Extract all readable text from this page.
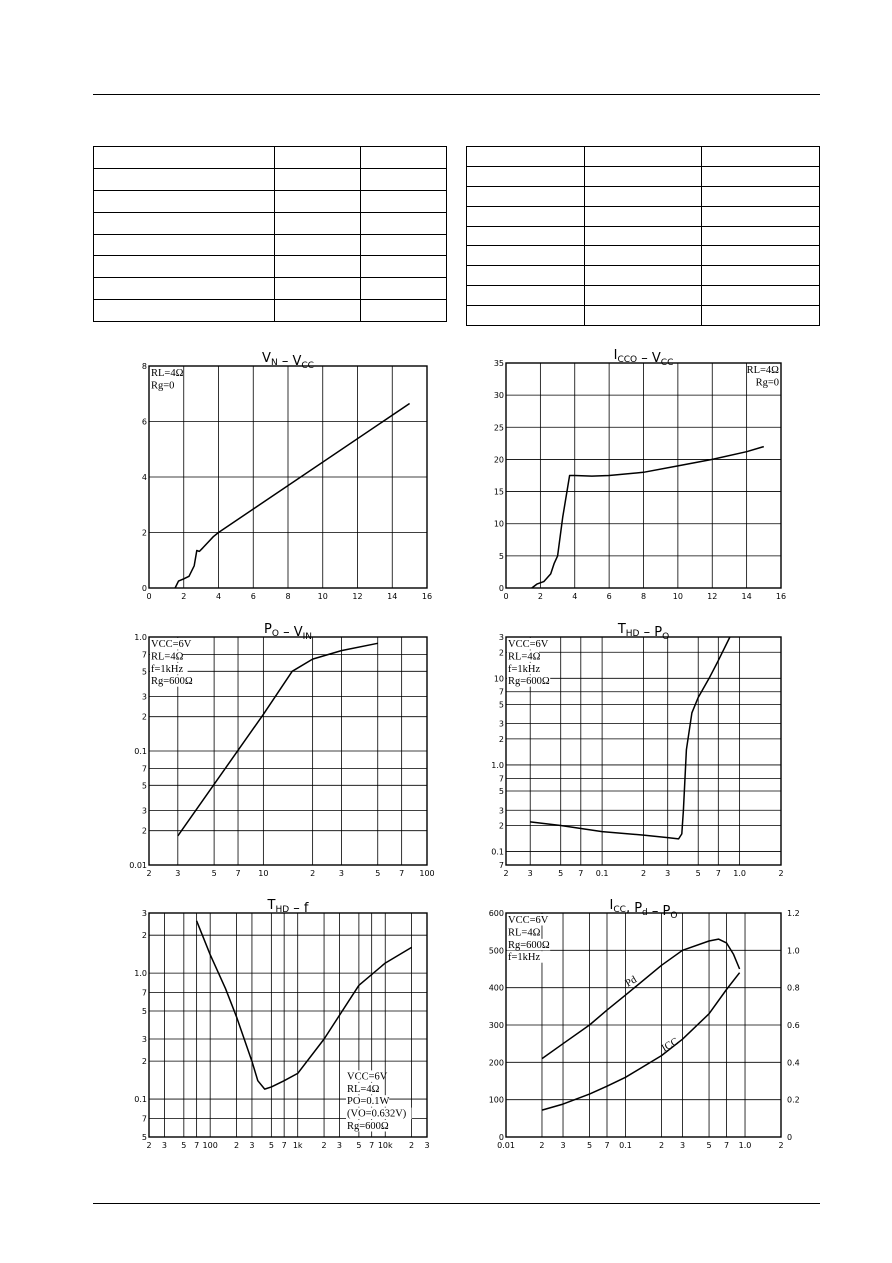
0	2	4	6	8	10	12	14	16
0
2
4
6
8
$V_N - V_{CC}$
RL=4Ω
Rg=0
0	2	4	6	8	10	12	14	16
0
5
10
15
20
25
30
35
$I_{CCO} - V_{CC}$
RL=4Ω
Rg=0
2	3	5 7 10	2	3	5 7 100
0.01
2
3
5
7
0.1
2
3
5
7
1.0
$P_O - V_{IN}$
VCC=6V
RL=4Ω
f=1kHz
Rg=600Ω
2 3	5 7 0.1	2 3	5 7 1.0	2
7
0.1
2
3
5
7
1.0
2
3
5
7
10
2
3
$T_{HD} - P_O$
VCC=6V
RL=4Ω
f=1kHz
Rg=600Ω
2 3 5 7 100 2 3 5 7 1k 2 3 5 7 10k 2 3
5
7
0.1
2
3
5
7
1.0
2
3
$T_{HD}$ – f
VCC=6V
RL=4Ω
PO=0.1W
(VO=0.632V)
Rg=600Ω
0.01	2 3	5 7 0.1	2 3	5 7 1.0	2
0
100
200
300
400
500
600
0
0.2
0.4
0.6
0.8
1.0
1.2
$I_{CC}$, $P_d - P_O$
VCC=6V
RL=4Ω
Rg=600Ω
f=1kHz
Pd
ICC
